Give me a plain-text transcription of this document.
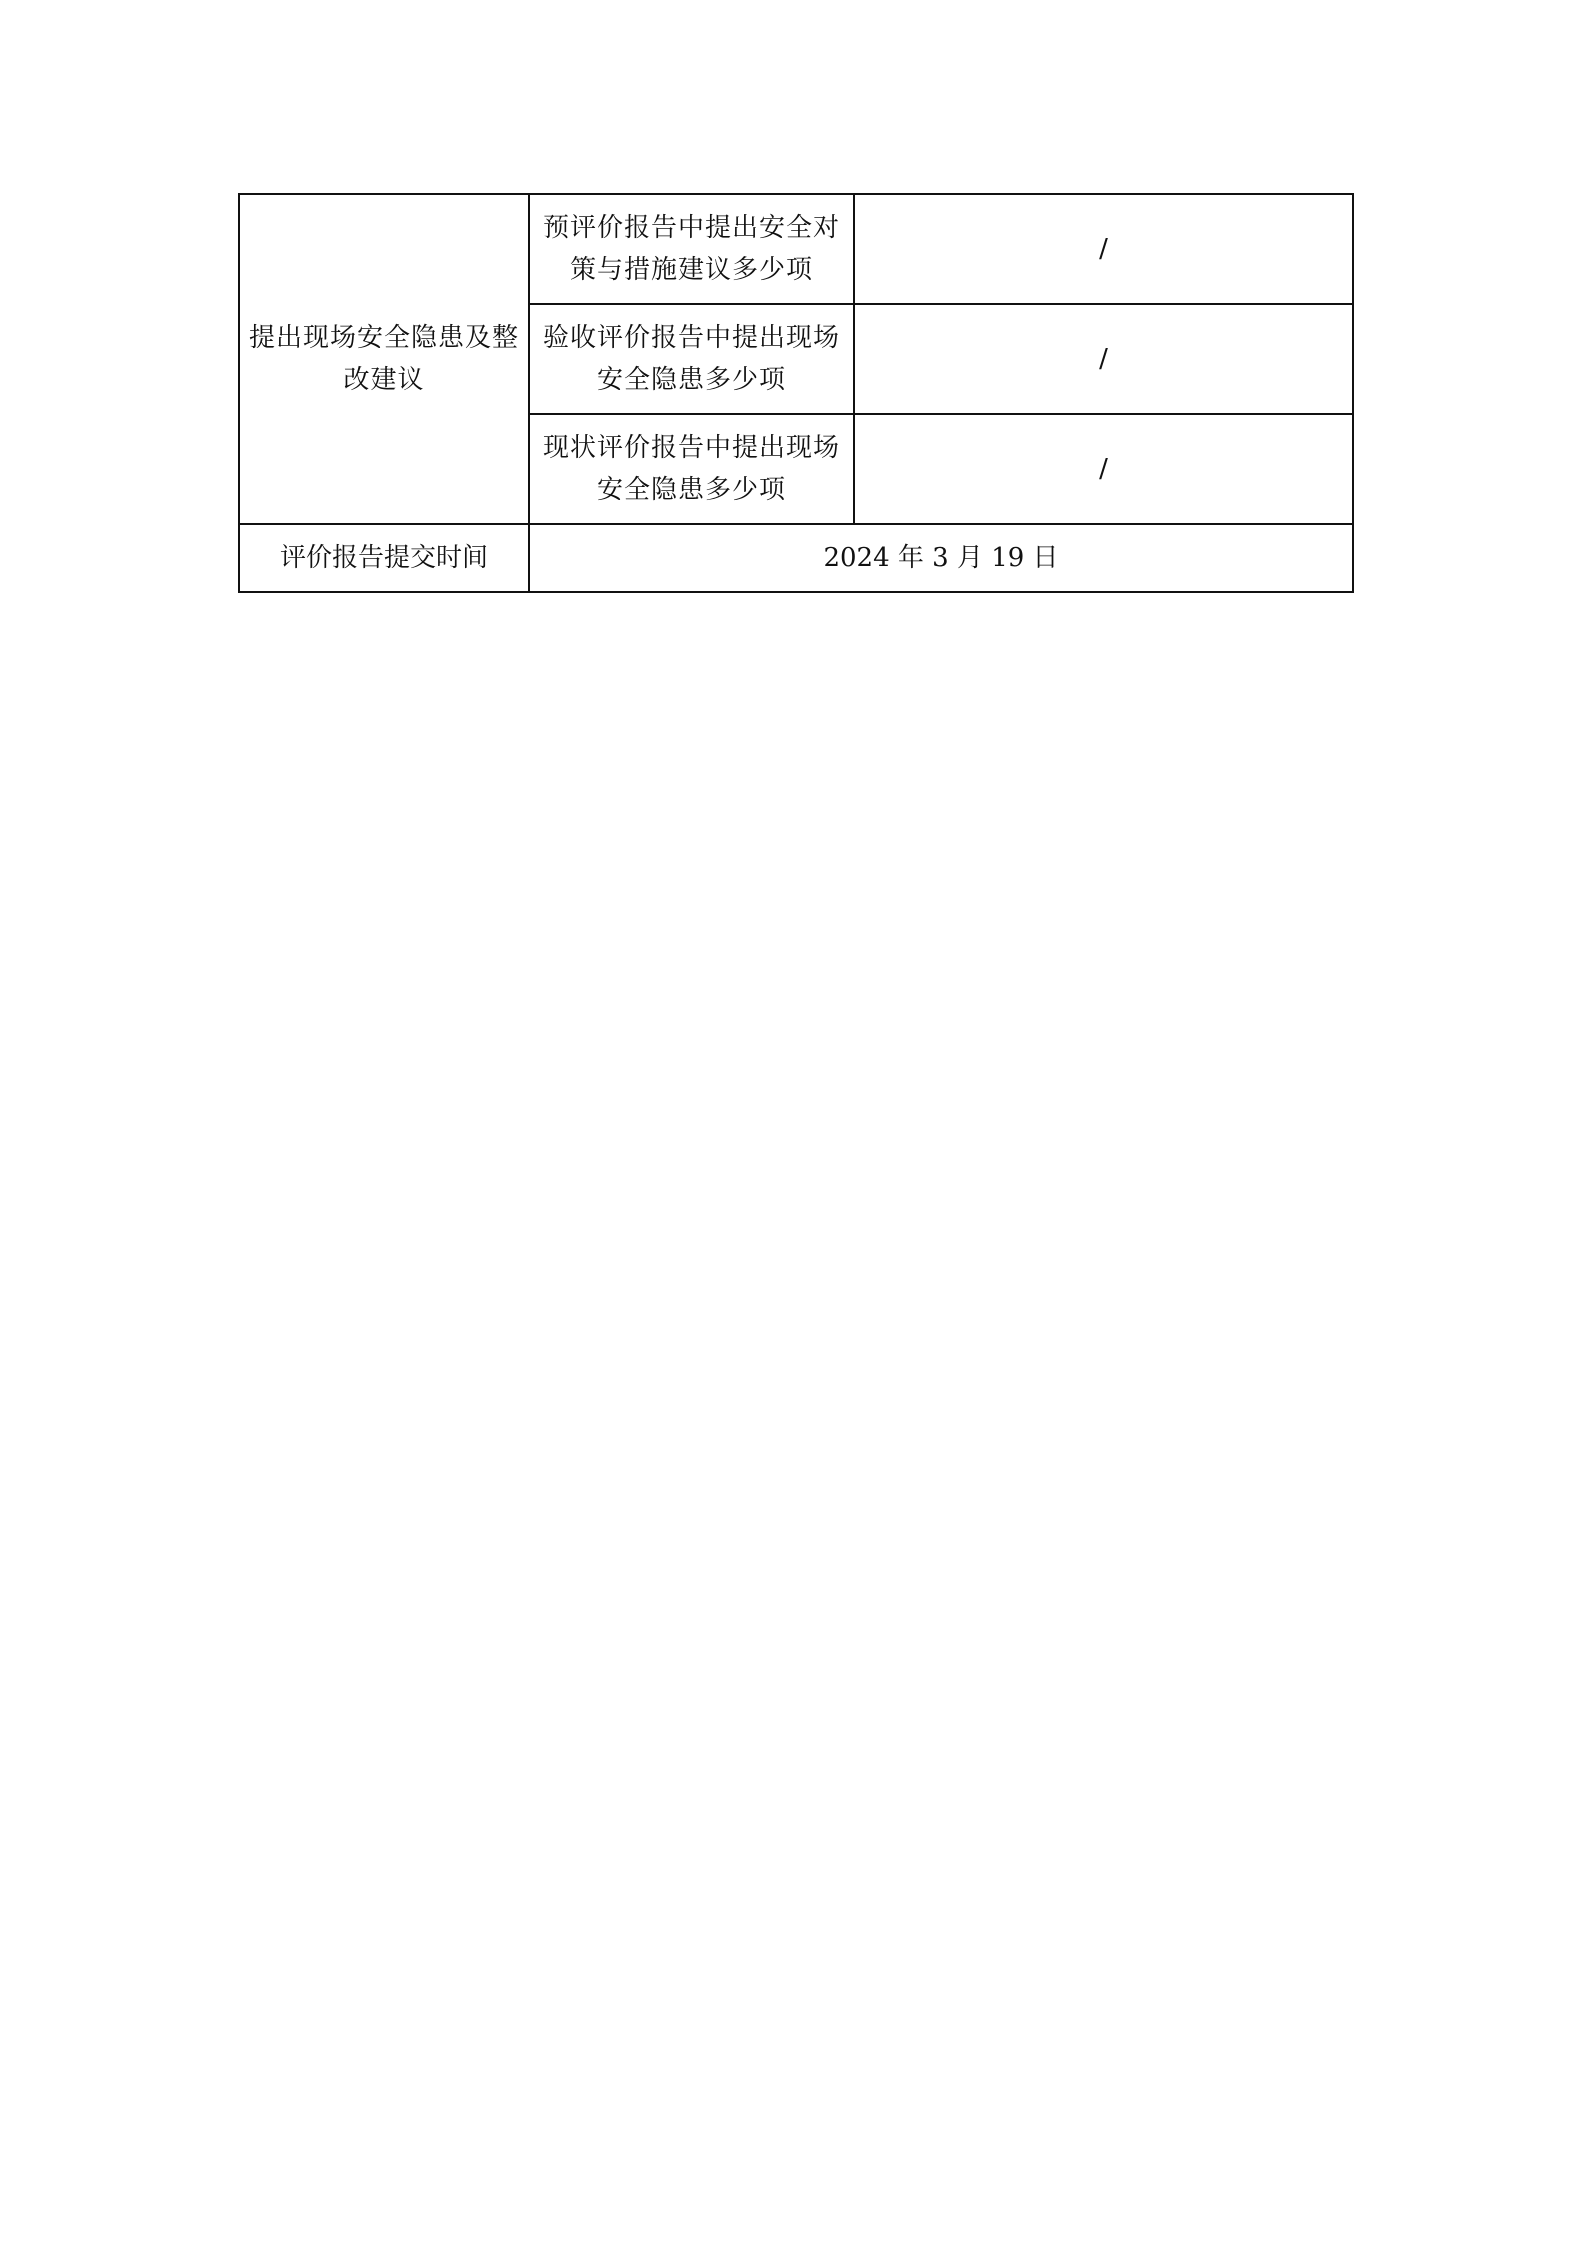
提出现场安全隐患及整改建议	预评价报告中提出安全对策与措施建议多少项	/
	验收评价报告中提出现场安全隐患多少项	/
	现状评价报告中提出现场安全隐患多少项	/
评价报告提交时间	2024 年 3 月 19 日	
